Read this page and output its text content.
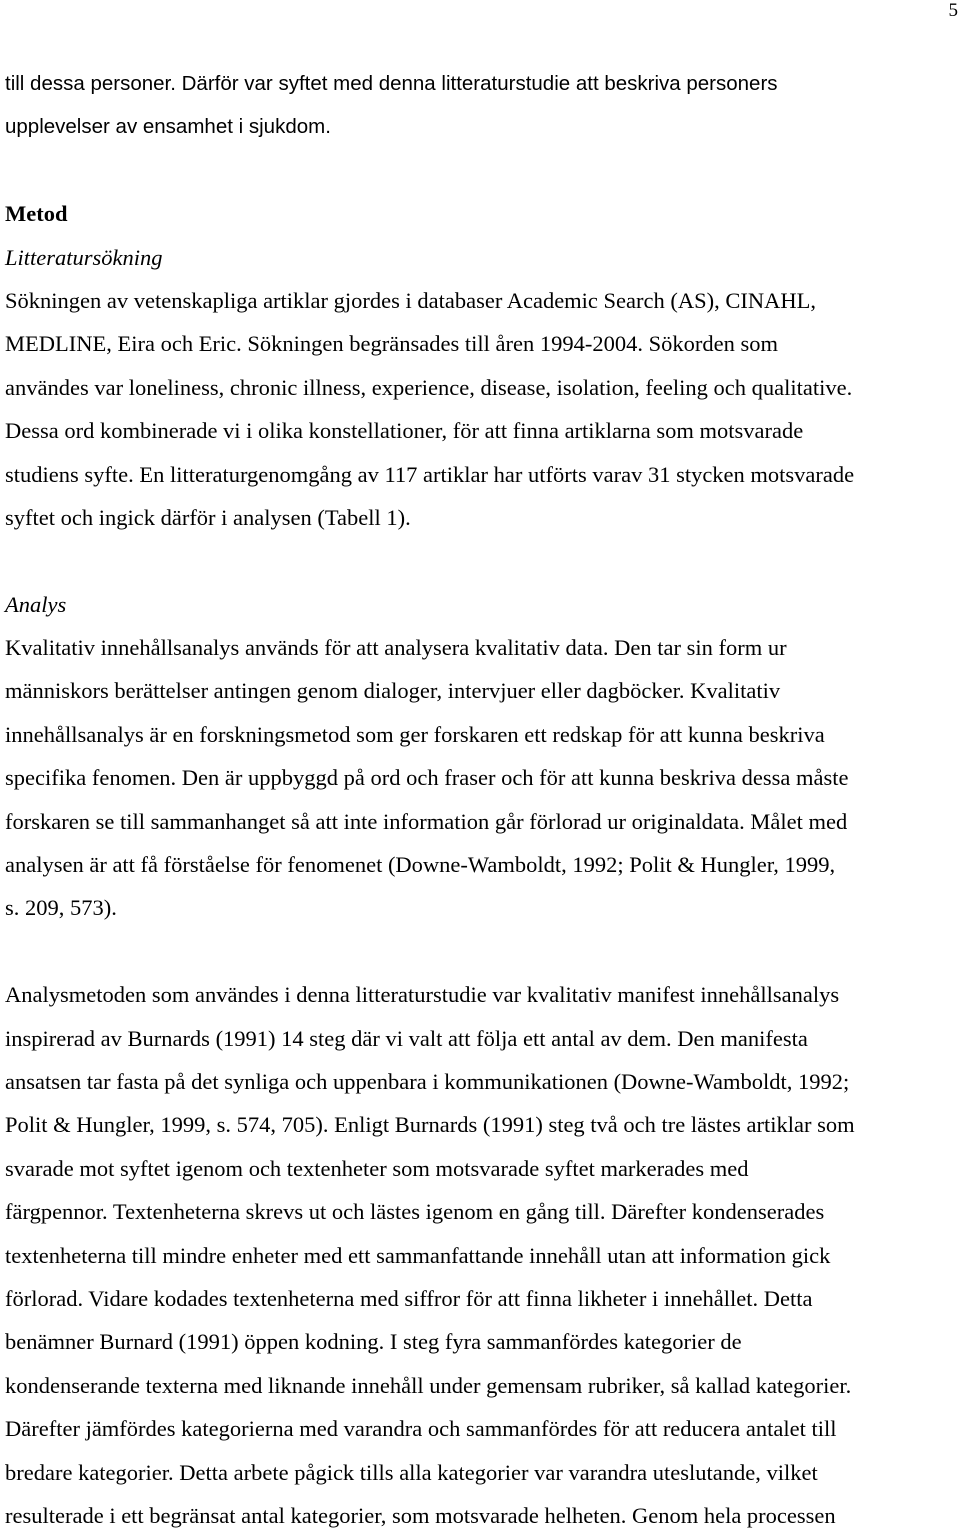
5
till dessa personer. Därför var syftet med denna litteraturstudie att beskriva personers
upplevelser av ensamhet i sjukdom.
Metod
Litteratursökning
Sökningen av vetenskapliga artiklar gjordes i databaser Academic Search (AS), CINAHL,
MEDLINE, Eira och Eric. Sökningen begränsades till åren 1994-2004. Sökorden som
användes var loneliness, chronic illness, experience, disease, isolation, feeling och qualitative.
Dessa ord kombinerade vi i olika konstellationer, för att finna artiklarna som motsvarade
studiens syfte. En litteraturgenomgång av 117 artiklar har utförts varav 31 stycken motsvarade
syftet och ingick därför i analysen (Tabell 1).
Analys
Kvalitativ innehållsanalys används för att analysera kvalitativ data. Den tar sin form ur
människors berättelser antingen genom dialoger, intervjuer eller dagböcker. Kvalitativ
innehållsanalys är en forskningsmetod som ger forskaren ett redskap för att kunna beskriva
specifika fenomen. Den är uppbyggd på ord och fraser och för att kunna beskriva dessa måste
forskaren se till sammanhanget så att inte information går förlorad ur originaldata. Målet med
analysen är att få förståelse för fenomenet (Downe-Wamboldt, 1992; Polit & Hungler, 1999,
s. 209, 573).
Analysmetoden som användes i denna litteraturstudie var kvalitativ manifest innehållsanalys
inspirerad av Burnards (1991) 14 steg där vi valt att följa ett antal av dem. Den manifesta
ansatsen tar fasta på det synliga och uppenbara i kommunikationen (Downe-Wamboldt, 1992;
Polit & Hungler, 1999, s. 574, 705). Enligt Burnards (1991) steg två och tre lästes artiklar som
svarade mot syftet igenom och textenheter som motsvarade syftet markerades med
färgpennor. Textenheterna skrevs ut och lästes igenom en gång till. Därefter kondenserades
textenheterna till mindre enheter med ett sammanfattande innehåll utan att information gick
förlorad. Vidare kodades textenheterna med siffror för att finna likheter i innehållet. Detta
benämner Burnard (1991) öppen kodning. I steg fyra sammanfördes kategorier de
kondenserande texterna med liknande innehåll under gemensam rubriker, så kallad kategorier.
Därefter jämfördes kategorierna med varandra och sammanfördes för att reducera antalet till
bredare kategorier. Detta arbete pågick tills alla kategorier var varandra uteslutande, vilket
resulterade i ett begränsat antal kategorier, som motsvarade helheten. Genom hela processen
